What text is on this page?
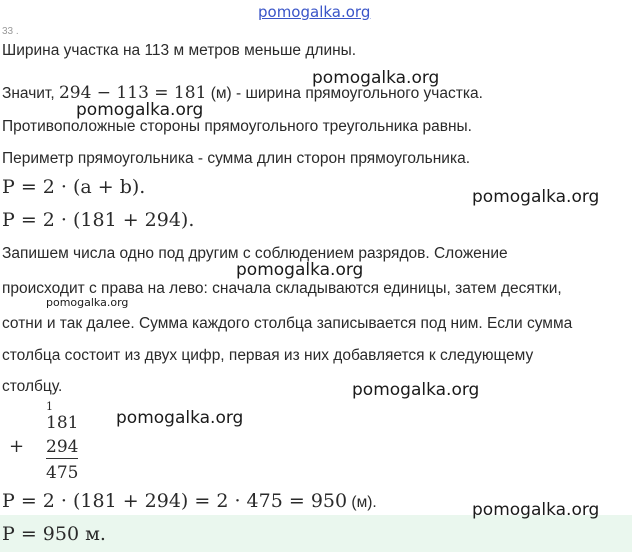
pomogalka.org
33 .
Ширина участка на 113 м метров меньше длины.
Значит, 294 − 113 = 181 (м) - ширина прямоугольного участка.
pomogalka.org
pomogalka.org
Противоположные стороны прямоугольного треугольника равны.
Периметр прямоугольника - сумма длин сторон прямоугольника.
P = 2 · (a + b).
P = 2 · (181 + 294).
pomogalka.org
Запишем числа одно под другим с соблюдением разрядов. Сложение
pomogalka.org
происходит с права на лево: сначала складываются единицы, затем десятки,
pomogalka.org
сотни и так далее. Сумма каждого столбца записывается под ним. Если сумма
столбца состоит из двух цифр, первая из них добавляется к следующему
столбцу.	pomogalka.org
pomogalka.org
1
181
+ 294
475
P = 2 · (181 + 294) = 2 · 475 = 950 (м).	pomogalka.org
P = 950 м.
